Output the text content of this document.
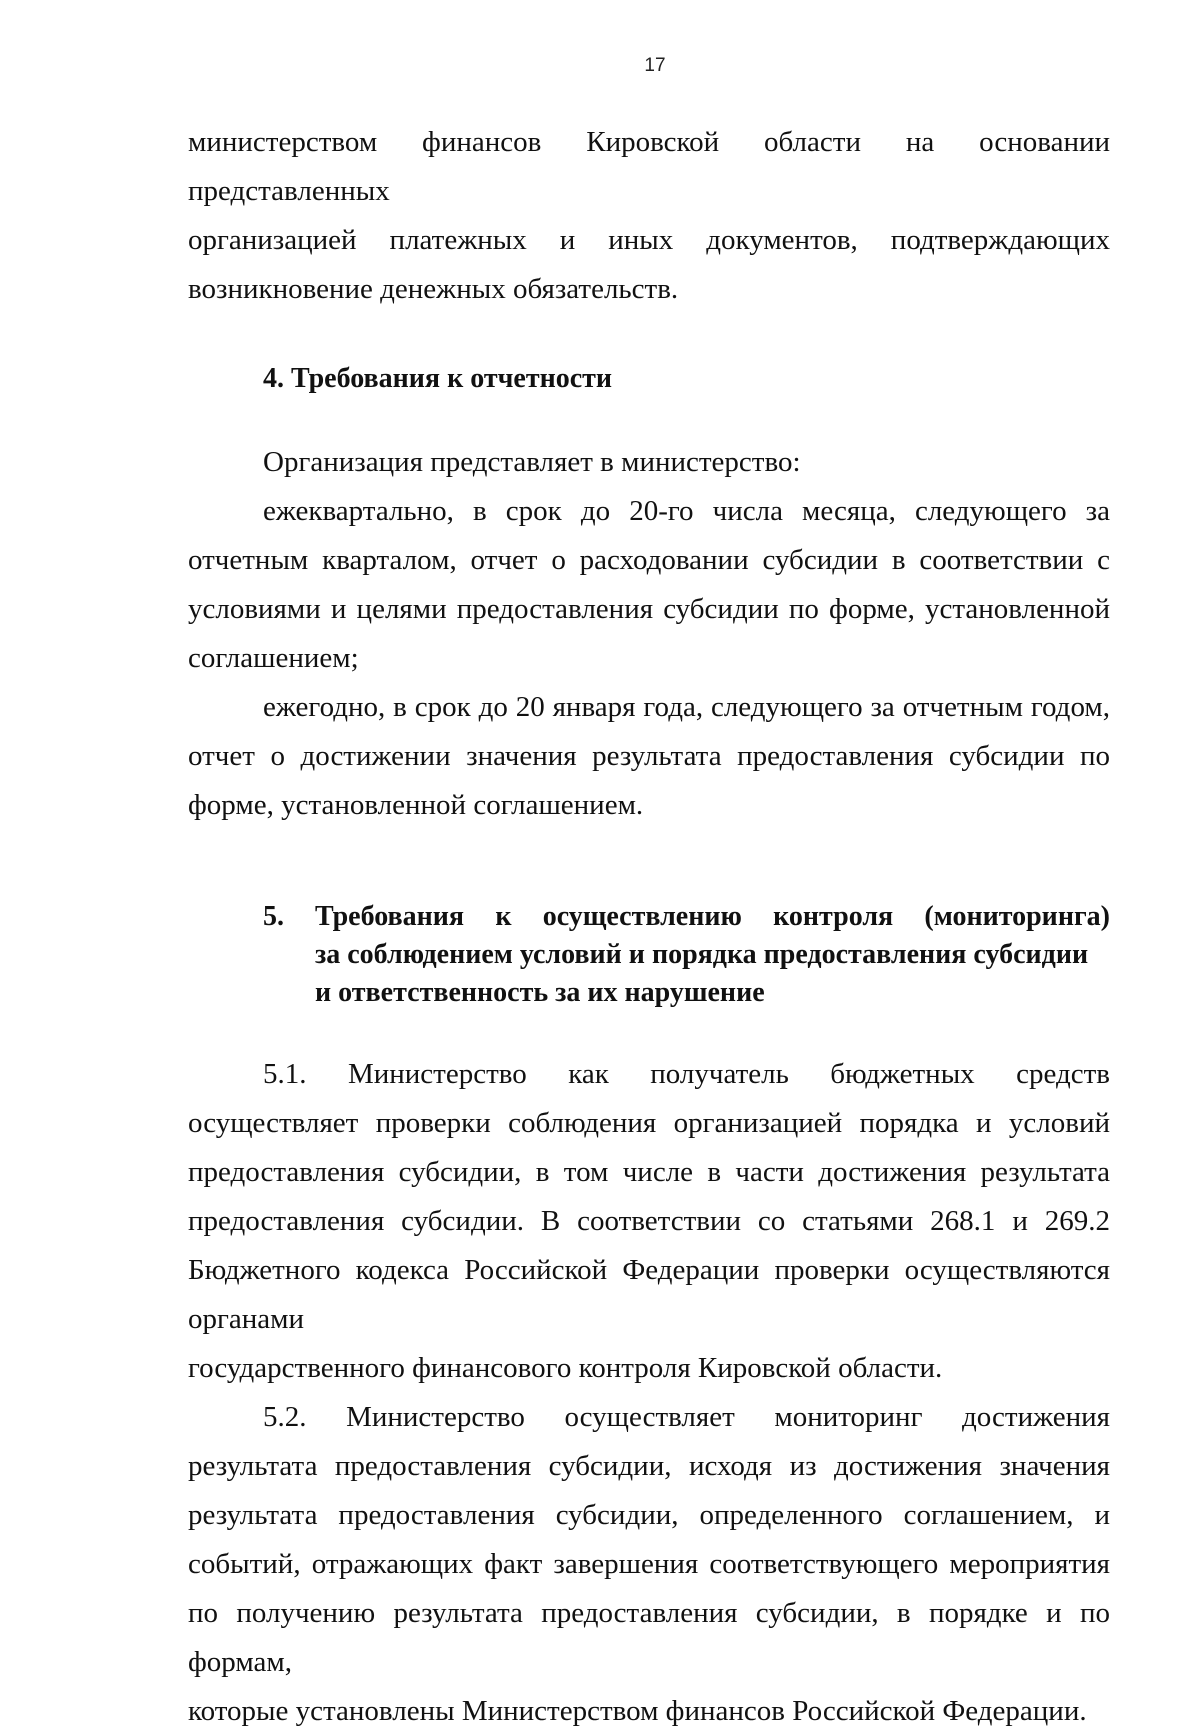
17

министерством финансов Кировской области на основании представленных

организацией платежных и иных документов, подтверждающих

возникновение денежных обязательств.

4. Требования к отчетности

Организация представляет в министерство:

ежеквартально, в срок до 20-го числа месяца, следующего за отчетным кварталом, отчет о расходовании субсидии в соответствии с условиями и целями предоставления субсидии по форме, установленной соглашением;

ежегодно, в срок до 20 января года, следующего за отчетным годом, отчет о достижении значения результата предоставления субсидии по форме, установленной соглашением.

5.	Требования к осуществлению контроля (мониторинга)
за соблюдением условий и порядка предоставления субсидии
и ответственность за их нарушение

5.1. Министерство как получатель бюджетных средств осуществляет проверки соблюдения организацией порядка и условий предоставления субсидии, в том числе в части достижения результата предоставления субсидии. В соответствии со статьями 268.1 и 269.2 Бюджетного кодекса Российской Федерации проверки осуществляются органами

государственного финансового контроля Кировской области.

5.2. Министерство осуществляет мониторинг достижения результата предоставления субсидии, исходя из достижения значения результата предоставления субсидии, определенного соглашением, и событий, отражающих факт завершения соответствующего мероприятия по получению результата предоставления субсидии, в порядке и по формам,

которые установлены Министерством финансов Российской Федерации.
